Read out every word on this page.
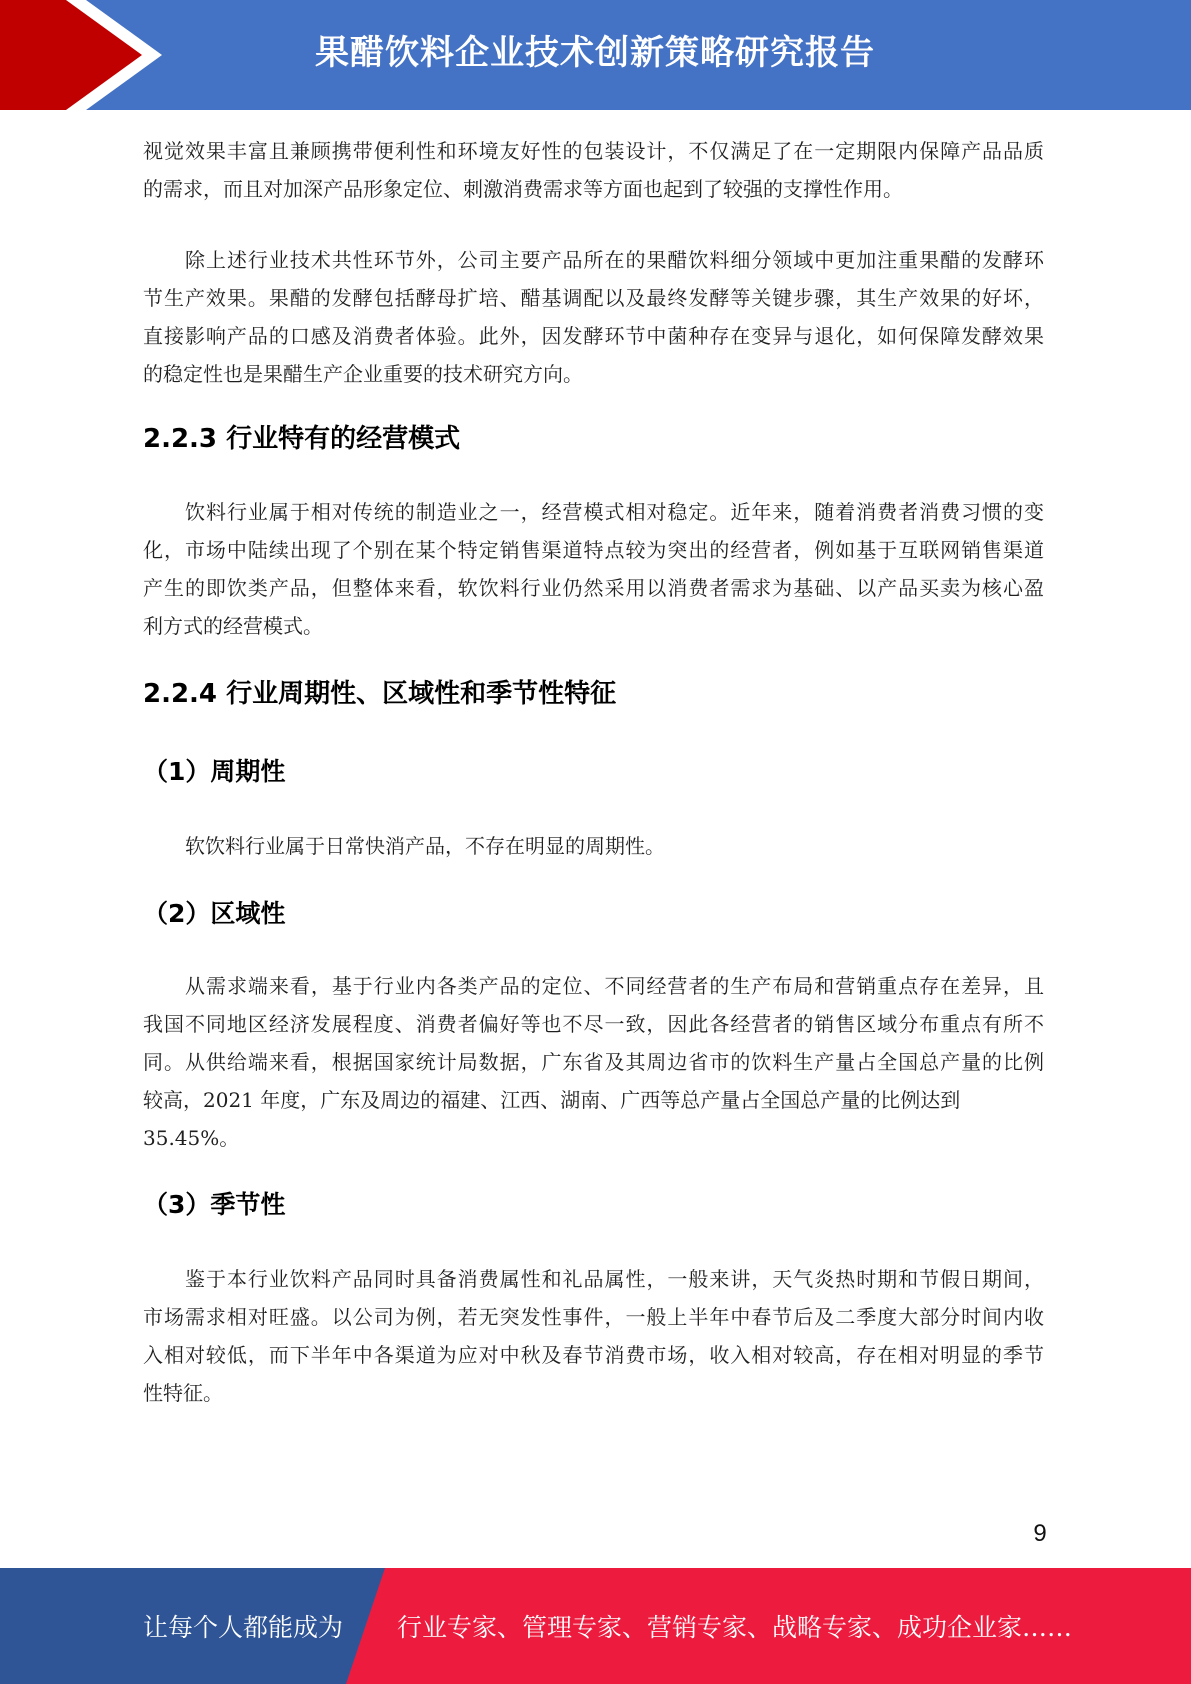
果醋饮料企业技术创新策略研究报告
视觉效果丰富且兼顾携带便利性和环境友好性的包装设计，不仅满足了在一定期限内保障产品品质
的需求，而且对加深产品形象定位、刺激消费需求等方面也起到了较强的支撑性作用。
除上述行业技术共性环节外，公司主要产品所在的果醋饮料细分领域中更加注重果醋的发酵环
节生产效果。果醋的发酵包括酵母扩培、醋基调配以及最终发酵等关键步骤，其生产效果的好坏，
直接影响产品的口感及消费者体验。此外，因发酵环节中菌种存在变异与退化，如何保障发酵效果
的稳定性也是果醋生产企业重要的技术研究方向。
2.2.3 行业特有的经营模式
饮料行业属于相对传统的制造业之一，经营模式相对稳定。近年来，随着消费者消费习惯的变
化，市场中陆续出现了个别在某个特定销售渠道特点较为突出的经营者，例如基于互联网销售渠道
产生的即饮类产品，但整体来看，软饮料行业仍然采用以消费者需求为基础、以产品买卖为核心盈
利方式的经营模式。
2.2.4 行业周期性、区域性和季节性特征
（1）周期性
软饮料行业属于日常快消产品，不存在明显的周期性。
（2）区域性
从需求端来看，基于行业内各类产品的定位、不同经营者的生产布局和营销重点存在差异，且
我国不同地区经济发展程度、消费者偏好等也不尽一致，因此各经营者的销售区域分布重点有所不
同。从供给端来看，根据国家统计局数据，广东省及其周边省市的饮料生产量占全国总产量的比例
较高，2021 年度，广东及周边的福建、江西、湖南、广西等总产量占全国总产量的比例达到
35.45%。
（3）季节性
鉴于本行业饮料产品同时具备消费属性和礼品属性，一般来讲，天气炎热时期和节假日期间，
市场需求相对旺盛。以公司为例，若无突发性事件，一般上半年中春节后及二季度大部分时间内收
入相对较低，而下半年中各渠道为应对中秋及春节消费市场，收入相对较高，存在相对明显的季节
性特征。
9
让每个人都能成为 行业专家、管理专家、营销专家、战略专家、成功企业家……
